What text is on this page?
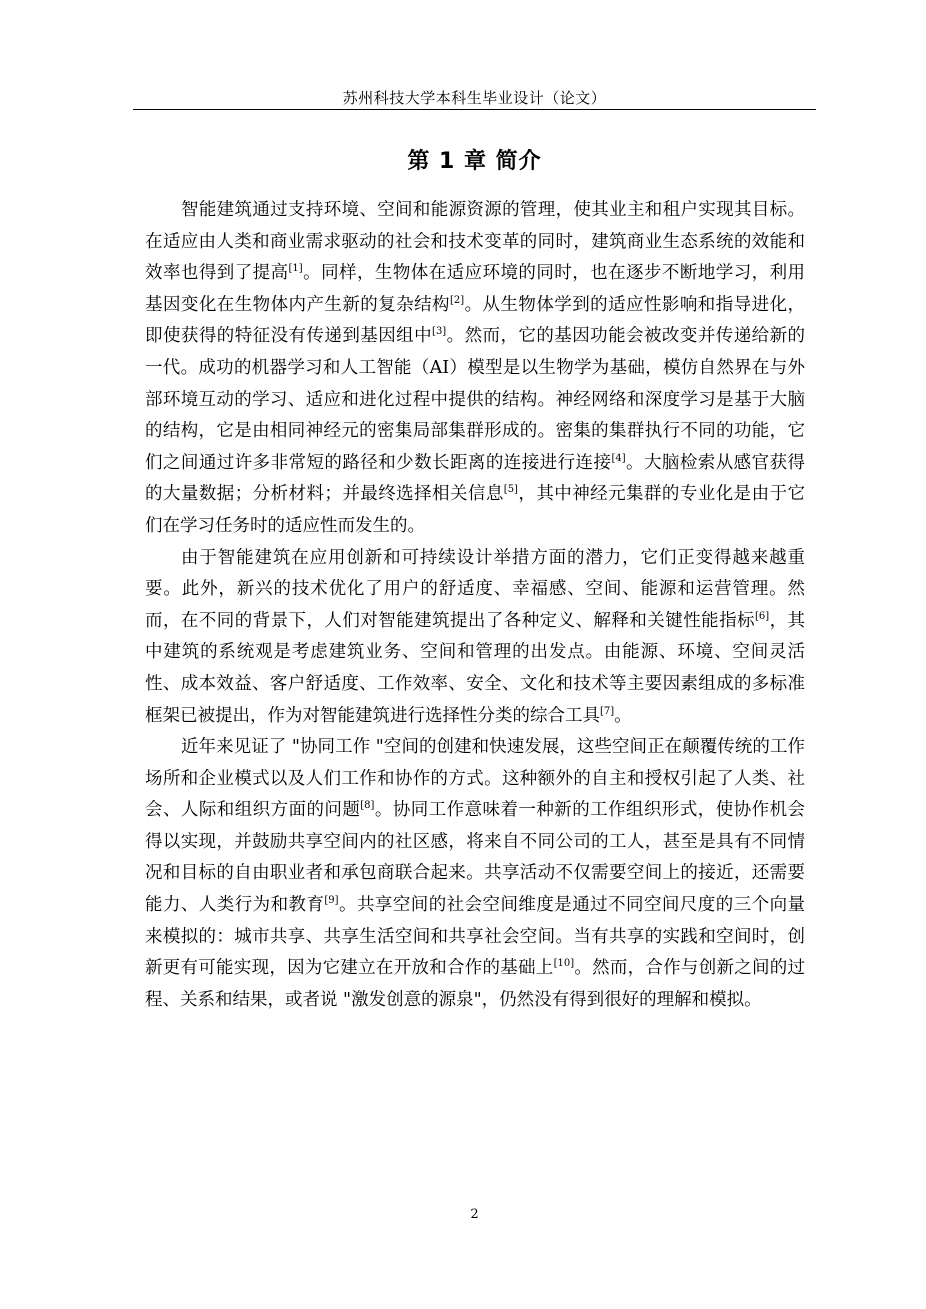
苏州科技大学本科生毕业设计（论文）
第 1 章 简介

智能建筑通过支持环境、空间和能源资源的管理，使其业主和租户实现其目标。在适应由人类和商业需求驱动的社会和技术变革的同时，建筑商业生态系统的效能和效率也得到了提高[1]。同样，生物体在适应环境的同时，也在逐步不断地学习，利用基因变化在生物体内产生新的复杂结构[2]。从生物体学到的适应性影响和指导进化，即使获得的特征没有传递到基因组中[3]。然而，它的基因功能会被改变并传递给新的一代。成功的机器学习和人工智能（AI）模型是以生物学为基础，模仿自然界在与外部环境互动的学习、适应和进化过程中提供的结构。神经网络和深度学习是基于大脑的结构，它是由相同神经元的密集局部集群形成的。密集的集群执行不同的功能，它们之间通过许多非常短的路径和少数长距离的连接进行连接[4]。大脑检索从感官获得的大量数据；分析材料；并最终选择相关信息[5]，其中神经元集群的专业化是由于它们在学习任务时的适应性而发生的。

由于智能建筑在应用创新和可持续设计举措方面的潜力，它们正变得越来越重要。此外，新兴的技术优化了用户的舒适度、幸福感、空间、能源和运营管理。然而，在不同的背景下，人们对智能建筑提出了各种定义、解释和关键性能指标[6]，其中建筑的系统观是考虑建筑业务、空间和管理的出发点。由能源、环境、空间灵活性、成本效益、客户舒适度、工作效率、安全、文化和技术等主要因素组成的多标准框架已被提出，作为对智能建筑进行选择性分类的综合工具[7]。

近年来见证了 "协同工作 "空间的创建和快速发展，这些空间正在颠覆传统的工作场所和企业模式以及人们工作和协作的方式。这种额外的自主和授权引起了人类、社会、人际和组织方面的问题[8]。协同工作意味着一种新的工作组织形式，使协作机会得以实现，并鼓励共享空间内的社区感，将来自不同公司的工人，甚至是具有不同情况和目标的自由职业者和承包商联合起来。共享活动不仅需要空间上的接近，还需要能力、人类行为和教育[9]。共享空间的社会空间维度是通过不同空间尺度的三个向量来模拟的：城市共享、共享生活空间和共享社会空间。当有共享的实践和空间时，创新更有可能实现，因为它建立在开放和合作的基础上[10]。然而，合作与创新之间的过程、关系和结果，或者说 "激发创意的源泉"，仍然没有得到很好的理解和模拟。

2
